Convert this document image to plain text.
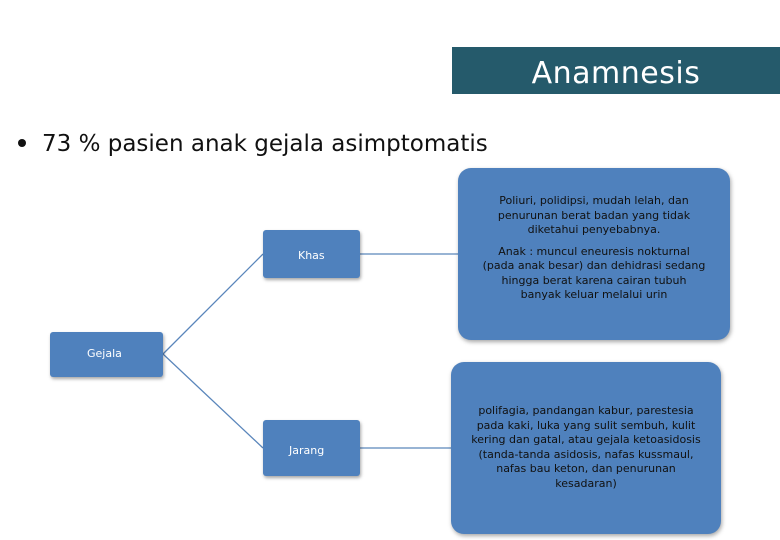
Anamnesis
73 % pasien anak gejala asimptomatis
Gejala
Khas
Jarang
Poliuri, polidipsi, mudah lelah, dan
penurunan berat badan yang tidak
diketahui penyebabnya.
Anak : muncul eneuresis nokturnal
(pada anak besar) dan dehidrasi sedang
hingga berat karena cairan tubuh
banyak keluar melalui urin
polifagia, pandangan kabur, parestesia
pada kaki, luka yang sulit sembuh, kulit
kering dan gatal, atau gejala ketoasidosis
(tanda-tanda asidosis, nafas kussmaul,
nafas bau keton, dan penurunan
kesadaran)
